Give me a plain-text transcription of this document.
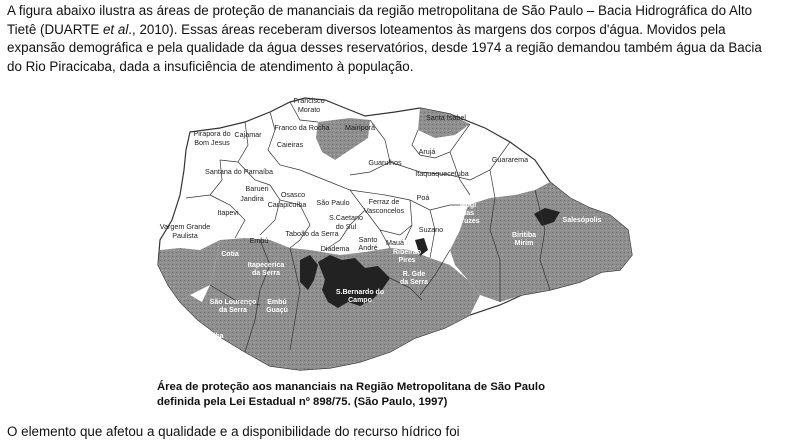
A figura abaixo ilustra as áreas de proteção de mananciais da região metropolitana de São Paulo – Bacia Hidrográfica do Alto
Tietê (DUARTE et al., 2010). Essas áreas receberam diversos loteamentos às margens dos corpos d'água. Movidos pela
expansão demográfica e pela qualidade da água desses reservatórios, desde 1974 a região demandou também água da Bacia
do Rio Piracicaba, dada a insuficiência de atendimento à população.
Francisco
Morato
Pirapora do
Bom Jesus
Cajamar
Franco da Rocha Mairiporã
Santa Isabel
Caieiras
Arujá
Guarulhos	Guararema
Santana do Parnaíba	Itaquaquecetuba
Barueri
Jandira Osasco
Carapicuíba
Itapevi
São Paulo
Poá
Ferraz de
Vasconcelos
Mogi
das
Cruzes	Salesópolis
S.Caetano
do Sul
Vargem Grande
Paulista
Embú
Taboão da Serra
Diadema
Santo
André
Mauá
Suzano
Biritiba
Mirim
Cotia
Itapecerica
da Serra
Ribeirão
Pires
R. Gde
da Serra
S.Bernardo do
Campo
São Lourenço
da Serra
Embú
Guaçú
Juquitiba
Área de proteção aos mananciais na Região Metropolitana de São Paulo
definida pela Lei Estadual nº 898/75. (São Paulo, 1997)
O elemento que afetou a qualidade e a disponibilidade do recurso hídrico foi
